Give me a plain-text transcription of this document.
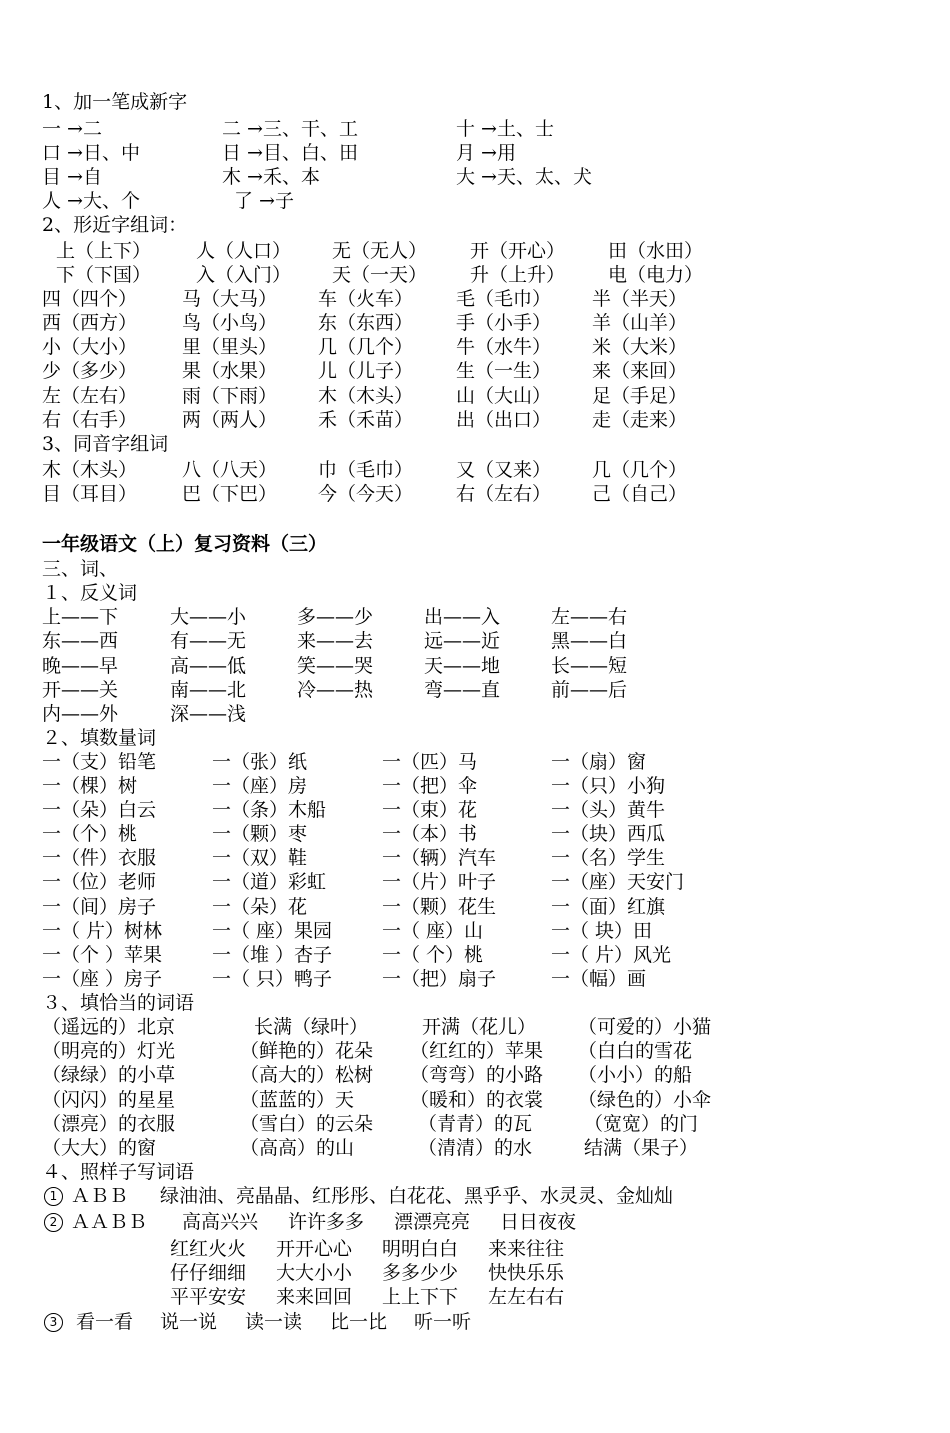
1、加一笔成新字
一 →二	二 →三、干、工	十 →土、士
口 →日、中	日 →目、白、田	月 →用
目 →自	木 →禾、本	大 →天、太、犬
人 →大、个	了 →子
2、形近字组词：
上（上下） 人（人口） 无（无人） 开（开心） 田（水田）
下（下国） 入（入门） 天（一天） 升（上升） 电（电力）
四（四个） 马（大马） 车（火车） 毛（毛巾） 半（半天）
西（西方） 鸟（小鸟） 东（东西） 手（小手） 羊（山羊）
小（大小） 里（里头） 几（几个） 牛（水牛） 米（大米）
少（多少） 果（水果） 儿（儿子） 生（一生） 来（来回）
左（左右） 雨（下雨） 木（木头） 山（大山） 足（手足）
右（右手） 两（两人） 禾（禾苗） 出（出口） 走（走来）
3、同音字组词
木（木头） 八（八天） 巾（毛巾） 又（又来） 几（几个）
目（耳目） 巴（下巴） 今（今天） 右（左右） 己（自己）
一年级语文（上）复习资料（三）
三、词、
１、反义词
上——下	大——小	多——少	出——入	左——右
东——西	有——无	来——去	远——近	黑——白
晚——早	高——低	笑——哭	天——地	长——短
开——关	南——北	冷——热	弯——直	前——后
内——外	深——浅
２、填数量词
一（支）铅笔	一（张）纸	一（匹）马	一（扇）窗
一（棵）树	一（座）房	一（把）伞	一（只）小狗
一（朵）白云	一（条）木船	一（束）花	一（头）黄牛
一（个）桃	一（颗）枣	一（本）书	一（块）西瓜
一（件）衣服	一（双）鞋	一（辆）汽车	一（名）学生
一（位）老师	一（道）彩虹	一（片）叶子	一（座）天安门
一（间）房子	一（朵）花	一（颗）花生	一（面）红旗
一（ 片）树林	一（ 座）果园	一（ 座）山	一（ 块）田
一（个 ）苹果	一（堆 ）杏子	一（ 个）桃	一（ 片）风光
一（座 ）房子	一（ 只）鸭子	一（把）扇子	一（幅）画
３、填恰当的词语
（遥远的）北京	长满（绿叶）	开满（花儿） （可爱的）小猫
（明亮的）灯光	（鲜艳的）花朵 （红红的）苹果 （白白的雪花
（绿绿）的小草	（高大的）松树 （弯弯）的小路 （小小）的船
（闪闪）的星星	（蓝蓝的）天	（暖和）的衣裳 （绿色的）小伞
（漂亮）的衣服	（雪白）的云朵 （青青）的瓦	（宽宽）的门
（大大）的窗	（高高）的山	（清清）的水	结满（果子）
４、照样子写词语
1 ＡＢＢ 绿油油、亮晶晶、红彤彤、白花花、黑乎乎、水灵灵、金灿灿
2 ＡＡＢＢ 高高兴兴 许许多多 漂漂亮亮 日日夜夜
红红火火 开开心心 明明白白 来来往往
仔仔细细 大大小小 多多少少 快快乐乐
平平安安 来来回回 上上下下 左左右右
3 看一看 说一说 读一读 比一比 听一听
